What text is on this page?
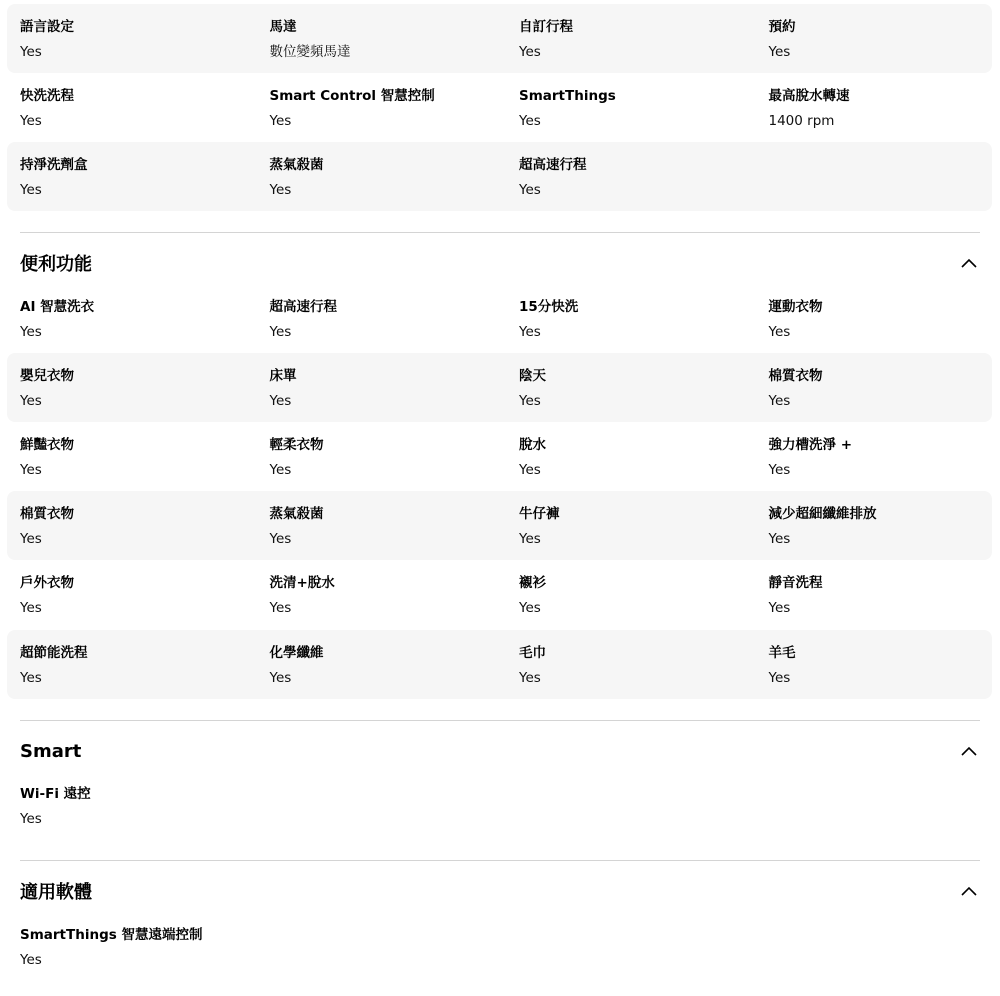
語言設定
Yes
馬達
數位變頻馬達
自訂行程
Yes
預約
Yes
快洗洗程
Yes
Smart Control 智慧控制
Yes
SmartThings
Yes
最高脫水轉速
1400 rpm
持淨洗劑盒
Yes
蒸氣殺菌
Yes
超高速行程
Yes
便利功能
AI 智慧洗衣
Yes
超高速行程
Yes
15分快洗
Yes
運動衣物
Yes
嬰兒衣物
Yes
床單
Yes
陰天
Yes
棉質衣物
Yes
鮮豔衣物
Yes
輕柔衣物
Yes
脫水
Yes
強力槽洗淨 +
Yes
棉質衣物
Yes
蒸氣殺菌
Yes
牛仔褲
Yes
減少超細纖維排放
Yes
戶外衣物
Yes
洗清+脫水
Yes
襯衫
Yes
靜音洗程
Yes
超節能洗程
Yes
化學纖維
Yes
毛巾
Yes
羊毛
Yes
Smart
Wi-Fi 遠控
Yes
適用軟體
SmartThings 智慧遠端控制
Yes
